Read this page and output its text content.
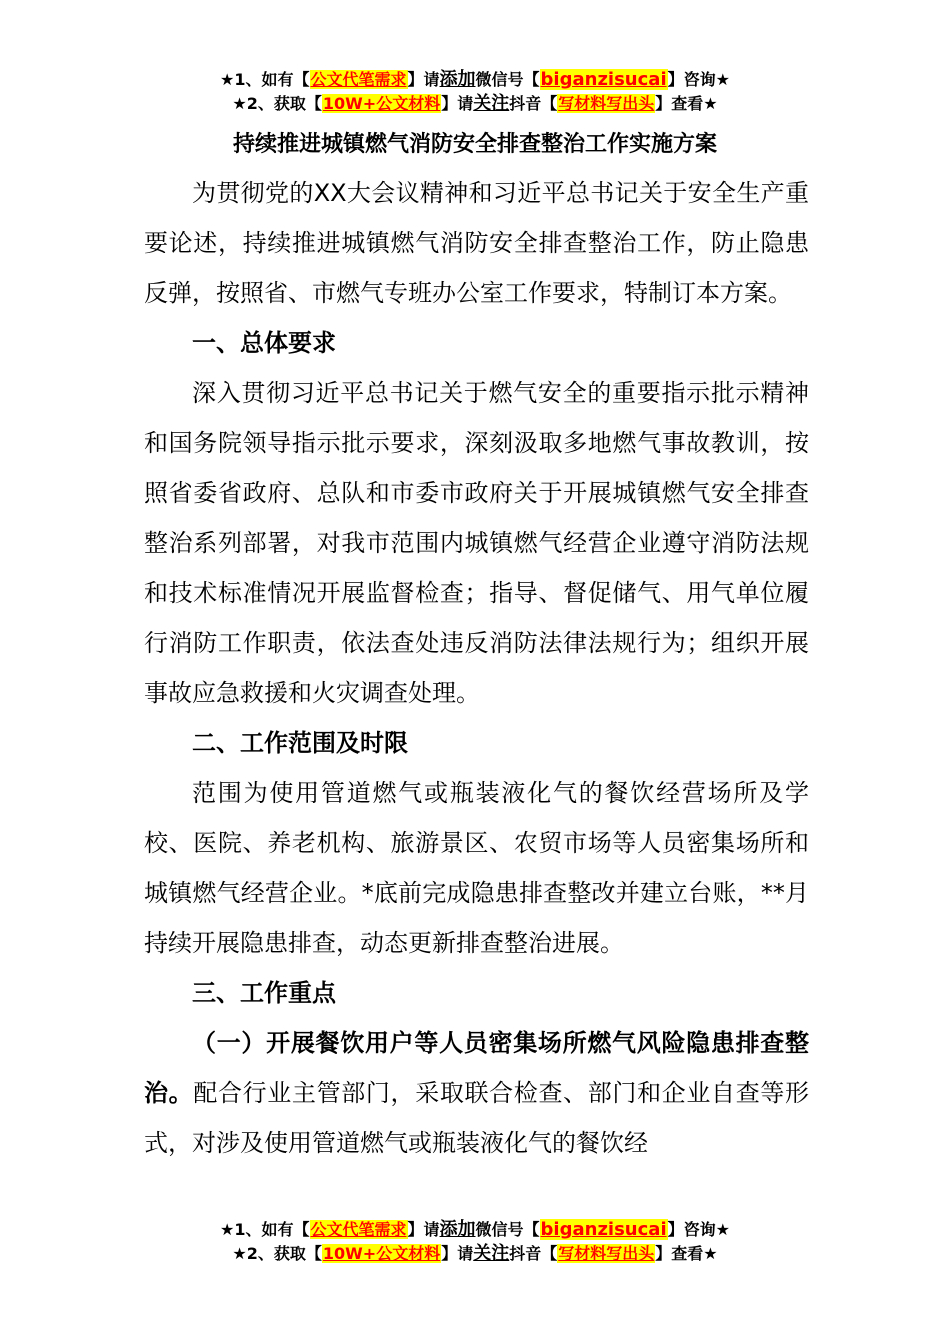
★1、如有【公文代笔需求】请添加微信号【biganzisucai】咨询★
★2、获取【10W+公文材料】请关注抖音【写材料写出头】查看★
持续推进城镇燃气消防安全排查整治工作实施方案

为贯彻党的XX大会议精神和习近平总书记关于安全生产重要论述，持续推进城镇燃气消防安全排查整治工作，防止隐患反弹，按照省、市燃气专班办公室工作要求，特制订本方案。

一、总体要求

深入贯彻习近平总书记关于燃气安全的重要指示批示精神和国务院领导指示批示要求，深刻汲取多地燃气事故教训，按照省委省政府、总队和市委市政府关于开展城镇燃气安全排查整治系列部署，对我市范围内城镇燃气经营企业遵守消防法规和技术标准情况开展监督检查；指导、督促储气、用气单位履行消防工作职责，依法查处违反消防法律法规行为；组织开展事故应急救援和火灾调查处理。

二、工作范围及时限

范围为使用管道燃气或瓶装液化气的餐饮经营场所及学校、医院、养老机构、旅游景区、农贸市场等人员密集场所和城镇燃气经营企业。*底前完成隐患排查整改并建立台账，**月持续开展隐患排查，动态更新排查整治进展。

三、工作重点

（一）开展餐饮用户等人员密集场所燃气风险隐患排查整治。配合行业主管部门，采取联合检查、部门和企业自查等形式，对涉及使用管道燃气或瓶装液化气的餐饮经

★1、如有【公文代笔需求】请添加微信号【biganzisucai】咨询★
★2、获取【10W+公文材料】请关注抖音【写材料写出头】查看★
